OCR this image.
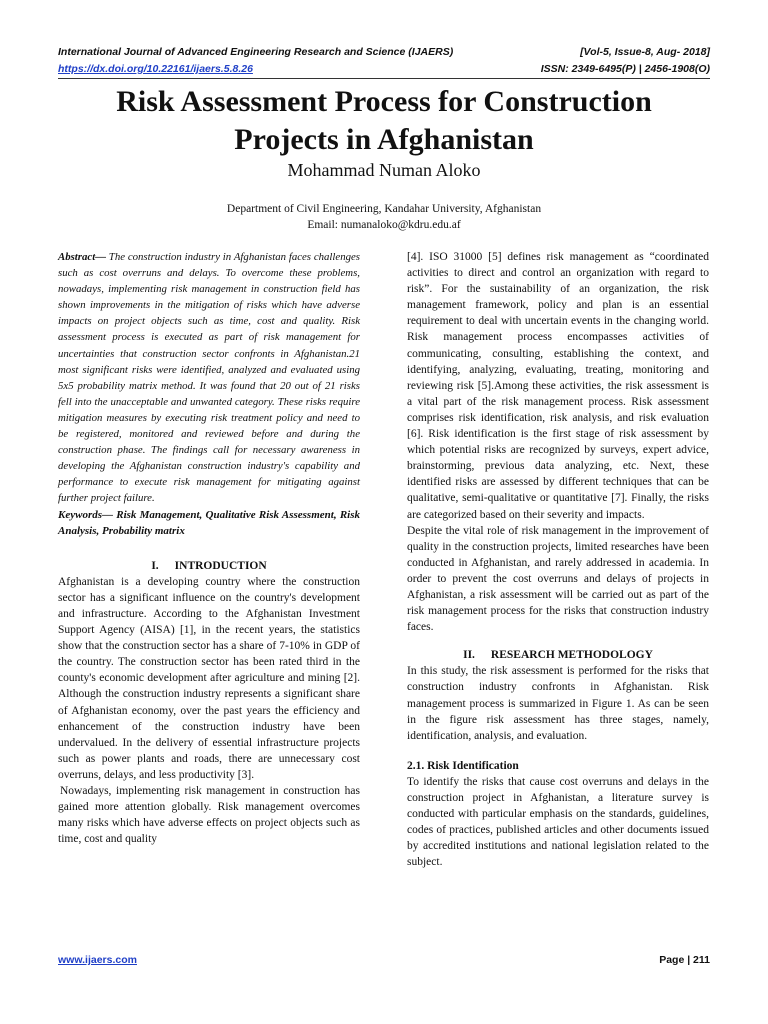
International Journal of Advanced Engineering Research and Science (IJAERS)	[Vol-5, Issue-8, Aug- 2018]
https://dx.doi.org/10.22161/ijaers.5.8.26	ISSN: 2349-6495(P) | 2456-1908(O)
Risk Assessment Process for Construction
Projects in Afghanistan
Mohammad Numan Aloko
Department of Civil Engineering, Kandahar University, Afghanistan
Email: numanaloko@kdru.edu.af

Abstract— The construction industry in Afghanistan faces challenges such as cost overruns and delays. To overcome these problems, nowadays, implementing risk management in construction field has shown improvements in the mitigation of risks which have adverse impacts on project objects such as time, cost and quality. Risk assessment process is executed as part of risk management for uncertainties that construction sector confronts in Afghanistan.21 most significant risks were identified, analyzed and evaluated using 5x5 probability matrix method. It was found that 20 out of 21 risks fell into the unacceptable and unwanted category. These risks require mitigation measures by executing risk treatment policy and need to be registered, monitored and reviewed before and during the construction phase. The findings call for necessary awareness in developing the Afghanistan construction industry's capability and performance to execute risk management for mitigating against further project failure.

Keywords— Risk Management, Qualitative Risk Assessment, Risk Analysis, Probability matrix

I. INTRODUCTION

Afghanistan is a developing country where the construction sector has a significant influence on the country's development and infrastructure. According to the Afghanistan Investment Support Agency (AISA) [1], in the recent years, the statistics show that the construction sector has a share of 7-10% in GDP of the country. The construction sector has been rated third in the county's economic development after agriculture and mining [2]. Although the construction industry represents a significant share of Afghanistan economy, over the past years the efficiency and enhancement of the construction industry have been undervalued. In the delivery of essential infrastructure projects such as power plants and roads, there are unnecessary cost overruns, delays, and less productivity [3].

Nowadays, implementing risk management in construction has gained more attention globally. Risk management overcomes many risks which have adverse effects on project objects such as time, cost and quality

[4]. ISO 31000 [5] defines risk management as “coordinated activities to direct and control an organization with regard to risk”. For the sustainability of an organization, the risk management framework, policy and plan is an essential requirement to deal with uncertain events in the changing world. Risk management process encompasses activities of communicating, consulting, establishing the context, and identifying, analyzing, evaluating, treating, monitoring and reviewing risk [5].Among these activities, the risk assessment is a vital part of the risk management process. Risk assessment comprises risk identification, risk analysis, and risk evaluation [6]. Risk identification is the first stage of risk assessment by which potential risks are recognized by surveys, expert advice, brainstorming, previous data analyzing, etc. Next, these identified risks are assessed by different techniques that can be qualitative, semi-qualitative or quantitative [7]. Finally, the risks are categorized based on their severity and impacts.

Despite the vital role of risk management in the improvement of quality in the construction projects, limited researches have been conducted in Afghanistan, and rarely addressed in academia. In order to prevent the cost overruns and delays of projects in Afghanistan, a risk assessment will be carried out as part of the risk management process for the risks that construction industry faces.

II. RESEARCH METHODOLOGY

In this study, the risk assessment is performed for the risks that construction industry confronts in Afghanistan. Risk management process is summarized in Figure 1. As can be seen in the figure risk assessment has three stages, namely, identification, analysis, and evaluation.

2.1. Risk Identification

To identify the risks that cause cost overruns and delays in the construction project in Afghanistan, a literature survey is conducted with particular emphasis on the standards, guidelines, codes of practices, published articles and other documents issued by accredited institutions and national legislation related to the subject.

www.ijaers.com	Page | 211
